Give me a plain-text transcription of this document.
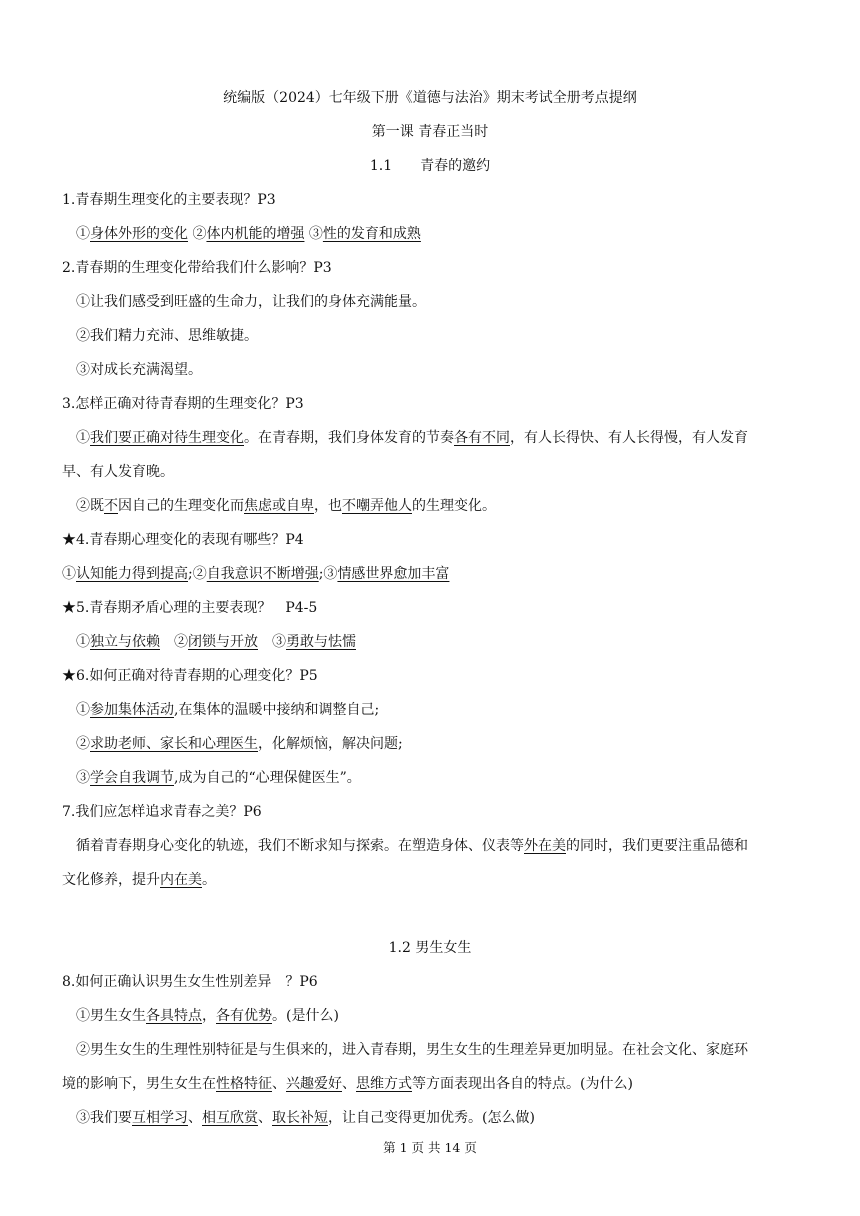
统编版（2024）七年级下册《道德与法治》期末考试全册考点提纲
第一课 青春正当时
1.1　　青春的邀约
1.青春期生理变化的主要表现？P3
①身体外形的变化 ②体内机能的增强 ③性的发育和成熟
2.青春期的生理变化带给我们什么影响？P3
①让我们感受到旺盛的生命力，让我们的身体充满能量。
②我们精力充沛、思维敏捷。
③对成长充满渴望。
3.怎样正确对待青春期的生理变化？P3
①我们要正确对待生理变化。在青春期，我们身体发育的节奏各有不同，有人长得快、有人长得慢，有人发育
早、有人发育晚。
②既不因自己的生理变化而焦虑或自卑，也不嘲弄他人的生理变化。
★4.青春期心理变化的表现有哪些？P4
①认知能力得到提高;②自我意识不断增强;③情感世界愈加丰富
★5.青春期矛盾心理的主要表现？　P4-5
①独立与依赖　②闭锁与开放　③勇敢与怯懦
★6.如何正确对待青春期的心理变化？P5
①参加集体活动,在集体的温暖中接纳和调整自己;
②求助老师、家长和心理医生，化解烦恼，解决问题;
③学会自我调节,成为自己的“心理保健医生”。
7.我们应怎样追求青春之美？P6
循着青春期身心变化的轨迹，我们不断求知与探索。在塑造身体、仪表等外在美的同时，我们更要注重品德和
文化修养，提升内在美。
1.2 男生女生
8.如何正确认识男生女生性别差异　？P6
①男生女生各具特点，各有优势。(是什么)
②男生女生的生理性别特征是与生俱来的，进入青春期，男生女生的生理差异更加明显。在社会文化、家庭环
境的影响下，男生女生在性格特征、兴趣爱好、思维方式等方面表现出各自的特点。(为什么)
③我们要互相学习、相互欣赏、取长补短，让自己变得更加优秀。(怎么做)
第 1 页 共 14 页
